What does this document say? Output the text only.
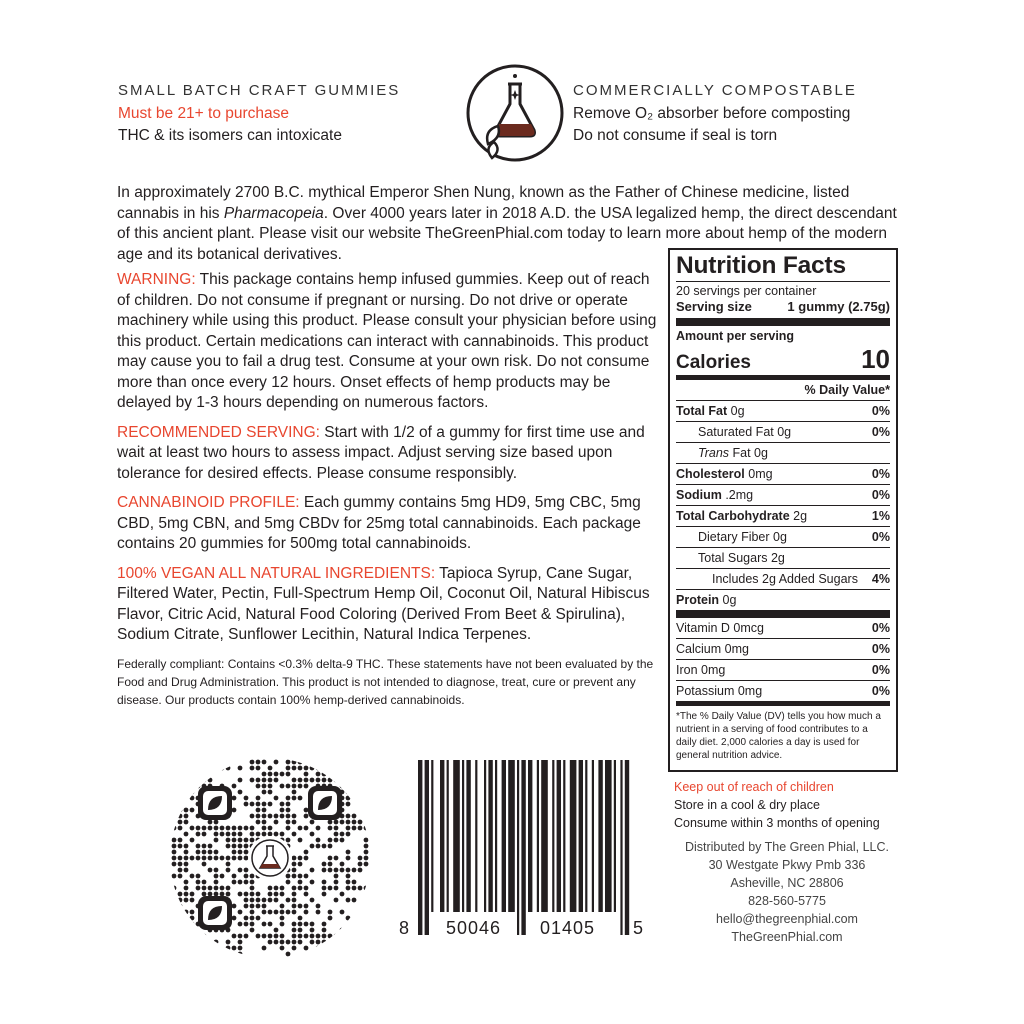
SMALL BATCH CRAFT GUMMIES
Must be 21+ to purchase
THC & its isomers can intoxicate
COMMERCIALLY COMPOSTABLE
Remove O₂ absorber before composting
Do not consume if seal is torn
In approximately 2700 B.C. mythical Emperor Shen Nung, known as the Father of Chinese medicine, listed cannabis in his Pharmacopeia. Over 4000 years later in 2018 A.D. the USA legalized hemp, the direct descendant of this ancient plant. Please visit our website TheGreenPhial.com today to learn more about hemp of the modern age and its botanical derivatives.

WARNING: This package contains hemp infused gummies. Keep out of reach of children. Do not consume if pregnant or nursing. Do not drive or operate machinery while using this product. Please consult your physician before using this product. Certain medications can interact with cannabinoids. This product may cause you to fail a drug test. Consume at your own risk. Do not consume more than once every 12 hours. Onset effects of hemp products may be delayed by 1-3 hours depending on numerous factors.

RECOMMENDED SERVING: Start with 1/2 of a gummy for first time use and wait at least two hours to assess impact. Adjust serving size based upon tolerance for desired effects. Please consume responsibly.

CANNABINOID PROFILE: Each gummy contains 5mg HD9, 5mg CBC, 5mg CBD, 5mg CBN, and 5mg CBDv for 25mg total cannabinoids. Each package contains 20 gummies for 500mg total cannabinoids.

100% VEGAN ALL NATURAL INGREDIENTS: Tapioca Syrup, Cane Sugar, Filtered Water, Pectin, Full-Spectrum Hemp Oil, Coconut Oil, Natural Hibiscus Flavor, Citric Acid, Natural Food Coloring (Derived From Beet & Spirulina), Sodium Citrate, Sunflower Lecithin, Natural Indica Terpenes.

Federally compliant: Contains <0.3% delta-9 THC. These statements have not been evaluated by the Food and Drug Administration. This product is not intended to diagnose, treat, cure or prevent any disease. Our products contain 100% hemp-derived cannabinoids.

Nutrition Facts
20 servings per container
Serving size	1 gummy (2.75g)
Amount per serving
Calories	10
% Daily Value*
Total Fat 0g	0%
Saturated Fat 0g	0%
Trans Fat 0g
Cholesterol 0mg	0%
Sodium .2mg	0%
Total Carbohydrate 2g	1%
Dietary Fiber 0g	0%
Total Sugars 2g
Includes 2g Added Sugars 4%
Protein 0g
Vitamin D 0mcg	0%
Calcium 0mg	0%
Iron 0mg	0%
Potassium 0mg	0%
*The % Daily Value (DV) tells you how much a nutrient in a serving of food contributes to a daily diet. 2,000 calories a day is used for general nutrition advice.
Keep out of reach of children
Store in a cool & dry place
Consume within 3 months of opening
Distributed by The Green Phial, LLC.
30 Westgate Pkwy Pmb 336
Asheville, NC 28806
828-560-5775
hello@thegreenphial.com
TheGreenPhial.com
8 50046 01405 5
